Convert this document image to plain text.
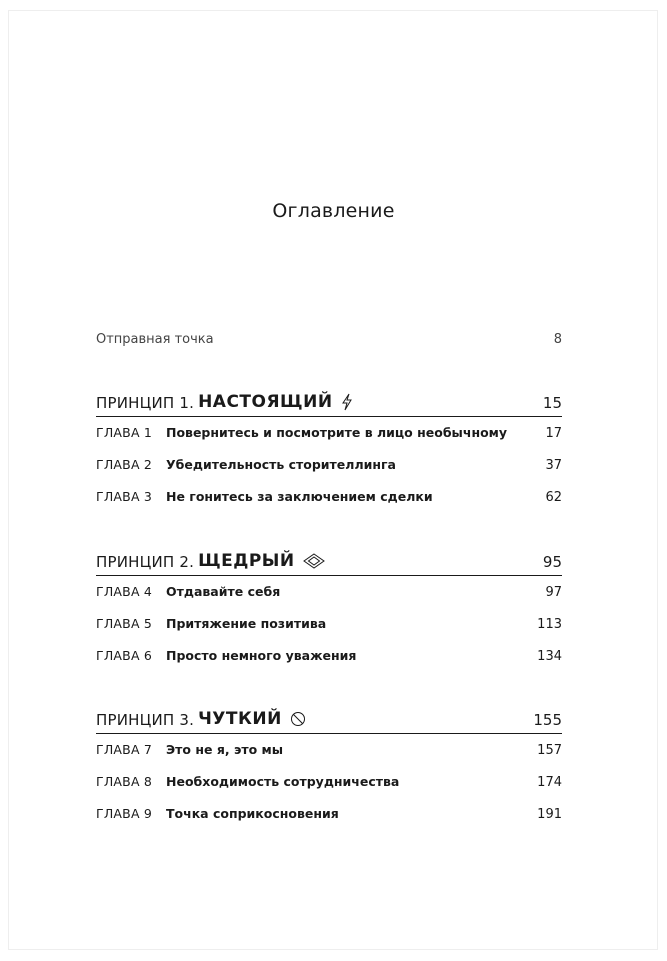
Оглавление
Отправная точка	8
ПРИНЦИП 1. НАСТОЯЩИЙ	15
ГЛАВА 1	Повернитесь и посмотрите в лицо необычному	17
ГЛАВА 2	Убедительность сторителлинга	37
ГЛАВА 3	Не гонитесь за заключением сделки	62
ПРИНЦИП 2. ЩЕДРЫЙ	95
ГЛАВА 4	Отдавайте себя	97
ГЛАВА 5	Притяжение позитива	113
ГЛАВА 6	Просто немного уважения	134
ПРИНЦИП 3. ЧУТКИЙ	155
ГЛАВА 7	Это не я, это мы	157
ГЛАВА 8	Необходимость сотрудничества	174
ГЛАВА 9	Точка соприкосновения	191
